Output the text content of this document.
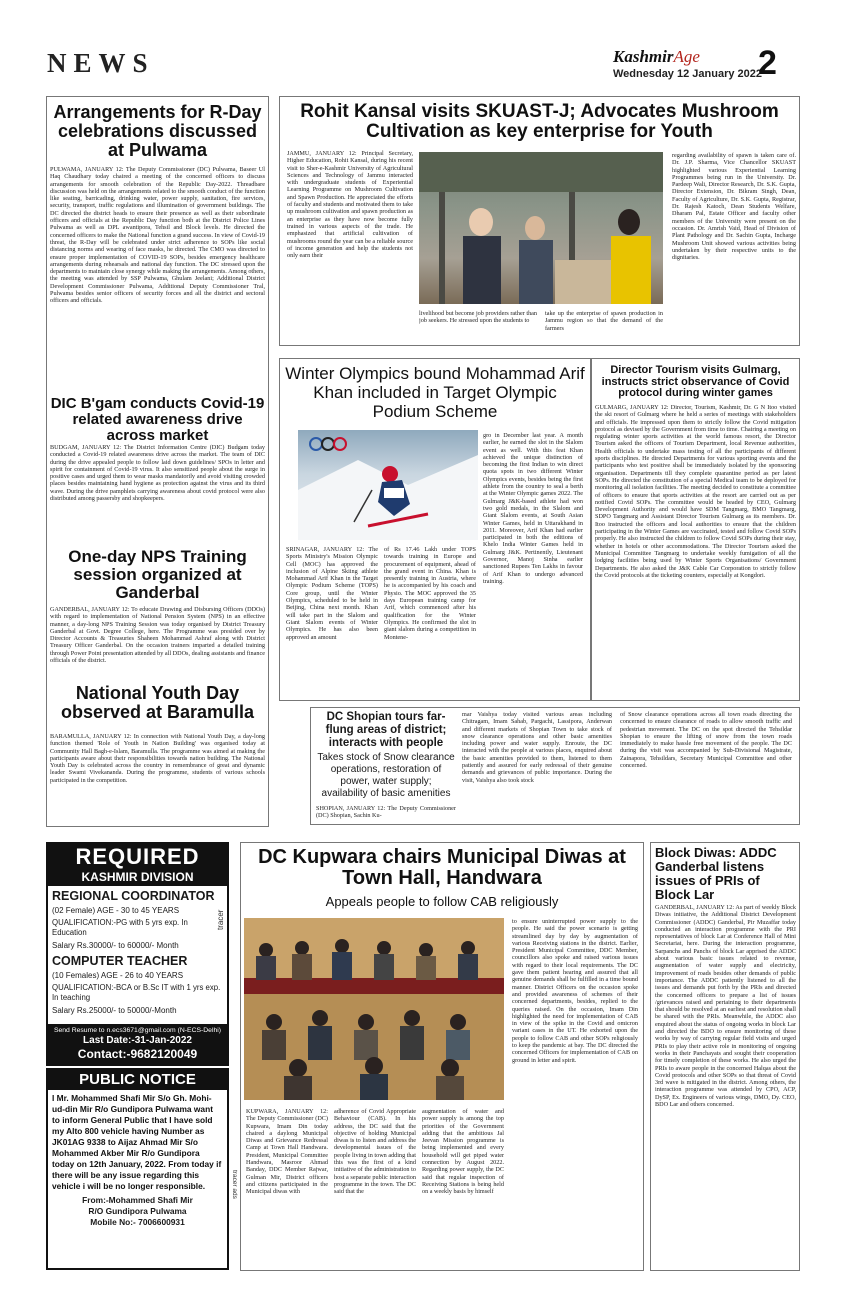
NEWS	KashmirAge
Wednesday 12 January 2022
2
Arrangements for R-Day celebrations discussed at Pulwama
PULWAMA, JANUARY 12: The Deputy Commissioner (DC) Pulwama, Baseer Ul Haq Chaudhary today chaired a meeting of the concerned officers to discuss arrangements for smooth celebration of the Republic Day-2022. Threadbare discussion was held on the arrangements related to the smooth conduct of the function like seating, barricading, drinking water, power supply, sanitation, fire services, security, transport, traffic regulations and illumination of government buildings. The DC directed the district heads to ensure their presence as well as their subordinate officers and officials at the Republic Day function both at the District Police Lines Pulwama as well as DPL awantipora, Tehsil and Block levels. He directed the concerned officers to make the National function a grand success. In view of Covid-19 threat, the R-Day will be celebrated under strict adherence to SOPs like social distancing norms and wearing of face masks, he directed. The CMO was directed to ensure proper implementation of COVID-19 SOPs, besides emergency healthcare arrangements during rehearsals and national day function. The DC stressed upon the departments to maintain close synergy while making the arrangements. Among others, the meeting was attended by SSP Pulwama, Ghulam Jeelani; Additional District Development Commissioner Pulwama, Additional Deputy Commissioner Tral, Pulwama besides senior officers of security forces and all the district and sectoral officers and officials.
DIC B'gam conducts Covid-19 related awareness drive across market
BUDGAM, JANUARY 12: The District Information Centre (DIC) Budgam today conducted a Covid-19 related awareness drive across the market. The team of DIC during the drive appealed people to follow laid down guidelines/ SPOs in letter and spirit for containment of Covid-19 virus. It also sensitized people about the surge in positive cases and urged them to wear masks mandatorily and avoid visiting crowded places besides maintaining hand hygiene as protection against the virus and its third wave. During the drive pamphlets carrying awareness about covid protocol were also distributed among passersby and shopkeepers.
One-day NPS Training session organized at Ganderbal
GANDERBAL, JANUARY 12: To educate Drawing and Disbursing Officers (DDOs) with regard to implementation of National Pension System (NPS) in an effective manner, a day-long NPS Training Session was today organised by District Treasury Ganderbal at Govt. Degree College, here. The Programme was presided over by Director Accounts & Treasuries Shaheen Mohammad Ashraf along with District Treasury Officer Ganderbal. On the occasion trainers imparted a detailed training through Power Point presentation attended by all DDOs, dealing assistants and finance officials of the district.
National Youth Day observed at Baramulla
BARAMULLA, JANUARY 12: In connection with National Youth Day, a day-long function themed 'Role of Youth in Nation Building' was organised today at Community Hall Bagh-e-Islam, Baramulla. The programme was aimed at making the participants aware about their responsibilities towards nation building. The National Youth Day is celebrated across the country in remembrance of great and dynamic leader Swami Vivekananda. During the programme, students of various schools participated in the competition.
Rohit Kansal visits SKUAST-J; Advocates Mushroom Cultivation as key enterprise for Youth
JAMMU, JANUARY 12: Principal Secretary, Higher Education, Rohit Kansal, during his recent visit to Sher-e-Kashmir University of Agricultural Sciences and Technology of Jammu interacted with undergraduate students of Experiential Learning Programme on Mushroom Cultivation and Spawn Production. He appreciated the efforts of faculty and students and motivated them to take up mushroom cultivation and spawn production as an enterprise as they have now become fully trained in various aspects of the trade. He emphasized that artificial cultivation of mushrooms round the year can be a reliable source of income generation and help the students not only earn their
livelihood but become job providers rather than job seekers. He stressed upon the students to
take up the enterprise of spawn production in Jammu region so that the demand of the farmers
regarding availability of spawn is taken care of. Dr. J.P. Sharma, Vice Chancellor SKUAST highlighted various Experiential Learning Programmes being run in the University. Dr. Pardeep Wali, Director Research, Dr. S.K. Gupta, Director Extension, Dr. Bikram Singh, Dean, Faculty of Agriculture, Dr. S.K. Gupta, Registrar, Dr. Rajesh Katoch, Dean Students Welfare, Dharam Pal, Estate Officer and faculty other members of the University were present on the occasion. Dr. Amrish Vaid, Head of Division of Plant Pathology and Dr. Sachin Gupta, Incharge Mushroom Unit showed various activities being undertaken by their respective units to the dignitaries.
Winter Olympics bound Mohammad Arif Khan included in Target Olympic Podium Scheme
SRINAGAR, JANUARY 12: The Sports Ministry's Mission Olympic Cell (MOC) has approved the inclusion of Alpine Skiing athlete Mohammad Arif Khan in the Target Olympic Podium Scheme (TOPS) Core group, until the Winter Olympics, scheduled to be held in Beijing, China next month. Khan will take part in the Slalom and Giant Slalom events of Winter Olympics. He has also been approved an amount
of Rs 17.46 Lakh under TOPS towards training in Europe and procurement of equipment, ahead of the grand event in China. Khan is presently training in Austria, where he is accompanied by his coach and Physio. The MOC approved the 35 days European training camp for Arif, which commenced after his qualification for the Winter Olympics. He confirmed the slot in giant slalom during a competition in Montene-
gro in December last year. A month earlier, he earned the slot in the Slalom event as well. With this feat Khan achieved the unique distinction of becoming the first Indian to win direct quota spots in two different Winter Olympics events, besides being the first athlete from the country to seal a berth at the Winter Olympic games 2022. The Gulmarg J&K-based athlete had won two gold medals, in the Slalom and Giant Slalom events, at South Asian Winter Games, held in Uttarakhand in 2011. Moreover, Arif Khan had earlier participated in both the editions of Khelo India Winter Games held in Gulmarg J&K. Pertinently, Lieutenant Governor, Manoj Sinha earlier sanctioned Rupees Ten Lakhs in favour of Arif Khan to undergo advanced training.
Director Tourism visits Gulmarg, instructs strict observance of Covid protocol during winter games
GULMARG, JANUARY 12: Director, Tourism, Kashmir, Dr. G N Itoo visited the ski resort of Gulmarg where he held a series of meetings with stakeholders and officials. He impressed upon them to strictly follow the Covid mitigation protocol as devised by the Government from time to time. Chairing a meeting on regulating winter sports activities at the world famous resort, the Director Tourism asked the officers of Tourism Department, local Revenue authorities, Health officials to undertake mass testing of all the participants of different sports disciplines. He directed Departments for various sporting events and the participants who test positive shall be immediately isolated by the sponsoring organisation. Departments till they complete quarantine period as per latest SOPs. He directed the constitution of a special Medical team to be deployed for monitoring all isolation facilities. The meeting decided to constitute a committee of officers to ensure that sports activities at the resort are carried out as per notified Covid SOPs. The committee would be headed by CEO, Gulmarg Development Authority and would have SDM Tangmarg, BMO Tangmarg, SDPO Tangmarg and Assistant Director Tourism Gulmarg as its members. Dr. Itoo instructed the officers and local authorities to ensure that the children participating in the Winter Games are vaccinated, tested and follow Covid SOPs properly. He also instructed the children to follow Covid SOPs during their stay, whether in hotels or other accommodations. The Director Tourism asked the Municipal Committee Tangmarg to undertake weekly fumigation of all the lodging facilities being used by Winter Sports Organisations/ Government Departments. He also asked the J&K Cable Car Corporation to strictly follow the Covid protocols at the ticketing counters, especially at Kongdori.
DC Shopian tours far-flung areas of district; interacts with people
Takes stock of Snow clearance operations, restoration of power, water supply; availability of basic amenities
SHOPIAN, JANUARY 12: The Deputy Commissioner (DC) Shopian, Sachin Ku-
mar Vaishya today visited various areas including Chitragam, Imam Sahab, Pargachi, Lassipora, Anderwan and different markets of Shopian Town to take stock of snow clearance operations and other basic amenities including power and water supply. Enroute, the DC interacted with the people at various places, enquired about the basic amenities provided to them, listened to them patiently and assured for early redressal of their genuine demands and grievances of public importance. During the visit, Vaishya also took stock
of Snow clearance operations across all town roads directing the concerned to ensure clearance of roads to allow smooth traffic and pedestrian movement. The DC on the spot directed the Tehsildar Shopian to ensure the lifting of snow from the town roads immediately to make hassle free movement of the people. The DC during the visit was accompanied by Sub-Divisional Magistrate, Zainapora, Tehsildars, Secretary Municipal Committee and other concerned.
REQUIRED
KASHMIR DIVISION
REGIONAL COORDINATOR
(02 Female) AGE - 30 to 45 YEARS
QUALIFICATION:-PG with 5 yrs exp. In Education
Salary Rs.30000/- to 60000/- Month
COMPUTER TEACHER
(10 Females) AGE - 26 to 40 YEARS
QUALIFICATION:-BCA or B.Sc IT with 1 yrs exp. In teaching
Salary Rs.25000/- to 50000/-Month
Send Resume to n.ecs3671@gmail.com (N-ECS-Delhi)
Last Date:-31-Jan-2022
Contact:-9682120049
tracer
PUBLIC NOTICE
I Mr. Mohammed Shafi Mir S/o Gh. Mohi-ud-din Mir R/o Gundipora Pulwama want to inform General Public that I have sold my Alto 800 vehicle having Number as JK01AG 9338 to Aijaz Ahmad Mir S/o Mohammed Akber Mir R/o Gundipora today on 12th January, 2022. From today if there will be any issue regarding this vehicle i will be no longer responsible.
From:-Mohammed Shafi Mir
R/O Gundipora Pulwama
Mobile No:- 7006600931
tracer ads
DC Kupwara chairs Municipal Diwas at Town Hall, Handwara
Appeals people to follow CAB religiously
KUPWARA, JANUARY 12: The Deputy Commissioner (DC) Kupwara, Imam Din today chaired a daylong Municipal Diwas and Grievance Redressal Camp at Town Hall Handwara. President, Municipal Committee Handwara, Masroor Ahmad Banday, DDC Member Rajwar, Gulman Mir, District officers and citizens participated in the Municipal diwas with
adherence of Covid Appropriate Behaviour (CAB). In his address, the DC said that the objective of holding Municipal diwas is to listen and address the developmental issues of the people living in town adding that this was the first of a kind initiative of the administration to host a separate public interaction programme in the town. The DC said that the
augmentation of water and power supply is among the top priorities of the Government adding that the ambitious Jal Jeevan Mission programme is being implemented and every household will get piped water connection by August 2022. Regarding power supply, the DC said that regular inspection of Receiving Stations is being held on a weekly basis by himself
to ensure uninterrupted power supply to the people. He said the power scenario is getting streamlined day by day by augmentation of various Receiving stations in the district. Earlier, President Municipal Committee, DDC Member, councillors also spoke and raised various issues with regard to their local requirements. The DC gave them patient hearing and assured that all genuine demands shall be fulfilled in a time bound manner. District Officers on the occasion spoke and provided awareness of schemes of their concerned departments, besides, replied to the queries raised. On the occasion, Imam Din highlighted the need for implementation of CAB in view of the spike in the Covid and omicron variant cases in the UT. He exhorted upon the people to follow CAB and other SOPs religiously to keep the pandemic at bay. The DC directed the concerned Officers for implementation of CAB on ground in letter and spirit.
Block Diwas: ADDC Ganderbal listens issues of PRIs of Block Lar
GANDERBAL, JANUARY 12: As part of weekly Block Diwas initiative, the Additional District Development Commissioner (ADDC) Ganderbal, Pir Muzaffar today conducted an interaction programme with the PRI representatives of block Lar at Conference Hall of Mini Secretariat, here. During the interaction programme, Sarpanchs and Panchs of block Lar apprised the ADDC about various basic issues related to revenue, augmentation of water supply and electricity, improvement of roads besides other demands of public importance. The ADDC patiently listened to all the issues and demands put forth by the PRIs and directed the concerned officers to prepare a list of issues /grievances raised and pertaining to their departments that should be resolved at an earliest and resolution shall be shared with the PRIs. Meanwhile, the ADDC also enquired about the status of ongoing works in block Lar and directed the BDO to ensure monitoring of these works by way of carrying regular field visits and urged PRIs to play their active role in monitoring of ongoing works in their Panchayats and sought their cooperation for timely completion of these works. He also urged the PRIs to aware people in the concerned Halqas about the Covid protocols and other SOPs so that threat of Covid 3rd wave is mitigated in the district. Among others, the interaction programme was attended by CPO, ACP, DySP, Ex. Engineers of various wings, DMO, Dy. CEO, BDO Lar and others concerned.
